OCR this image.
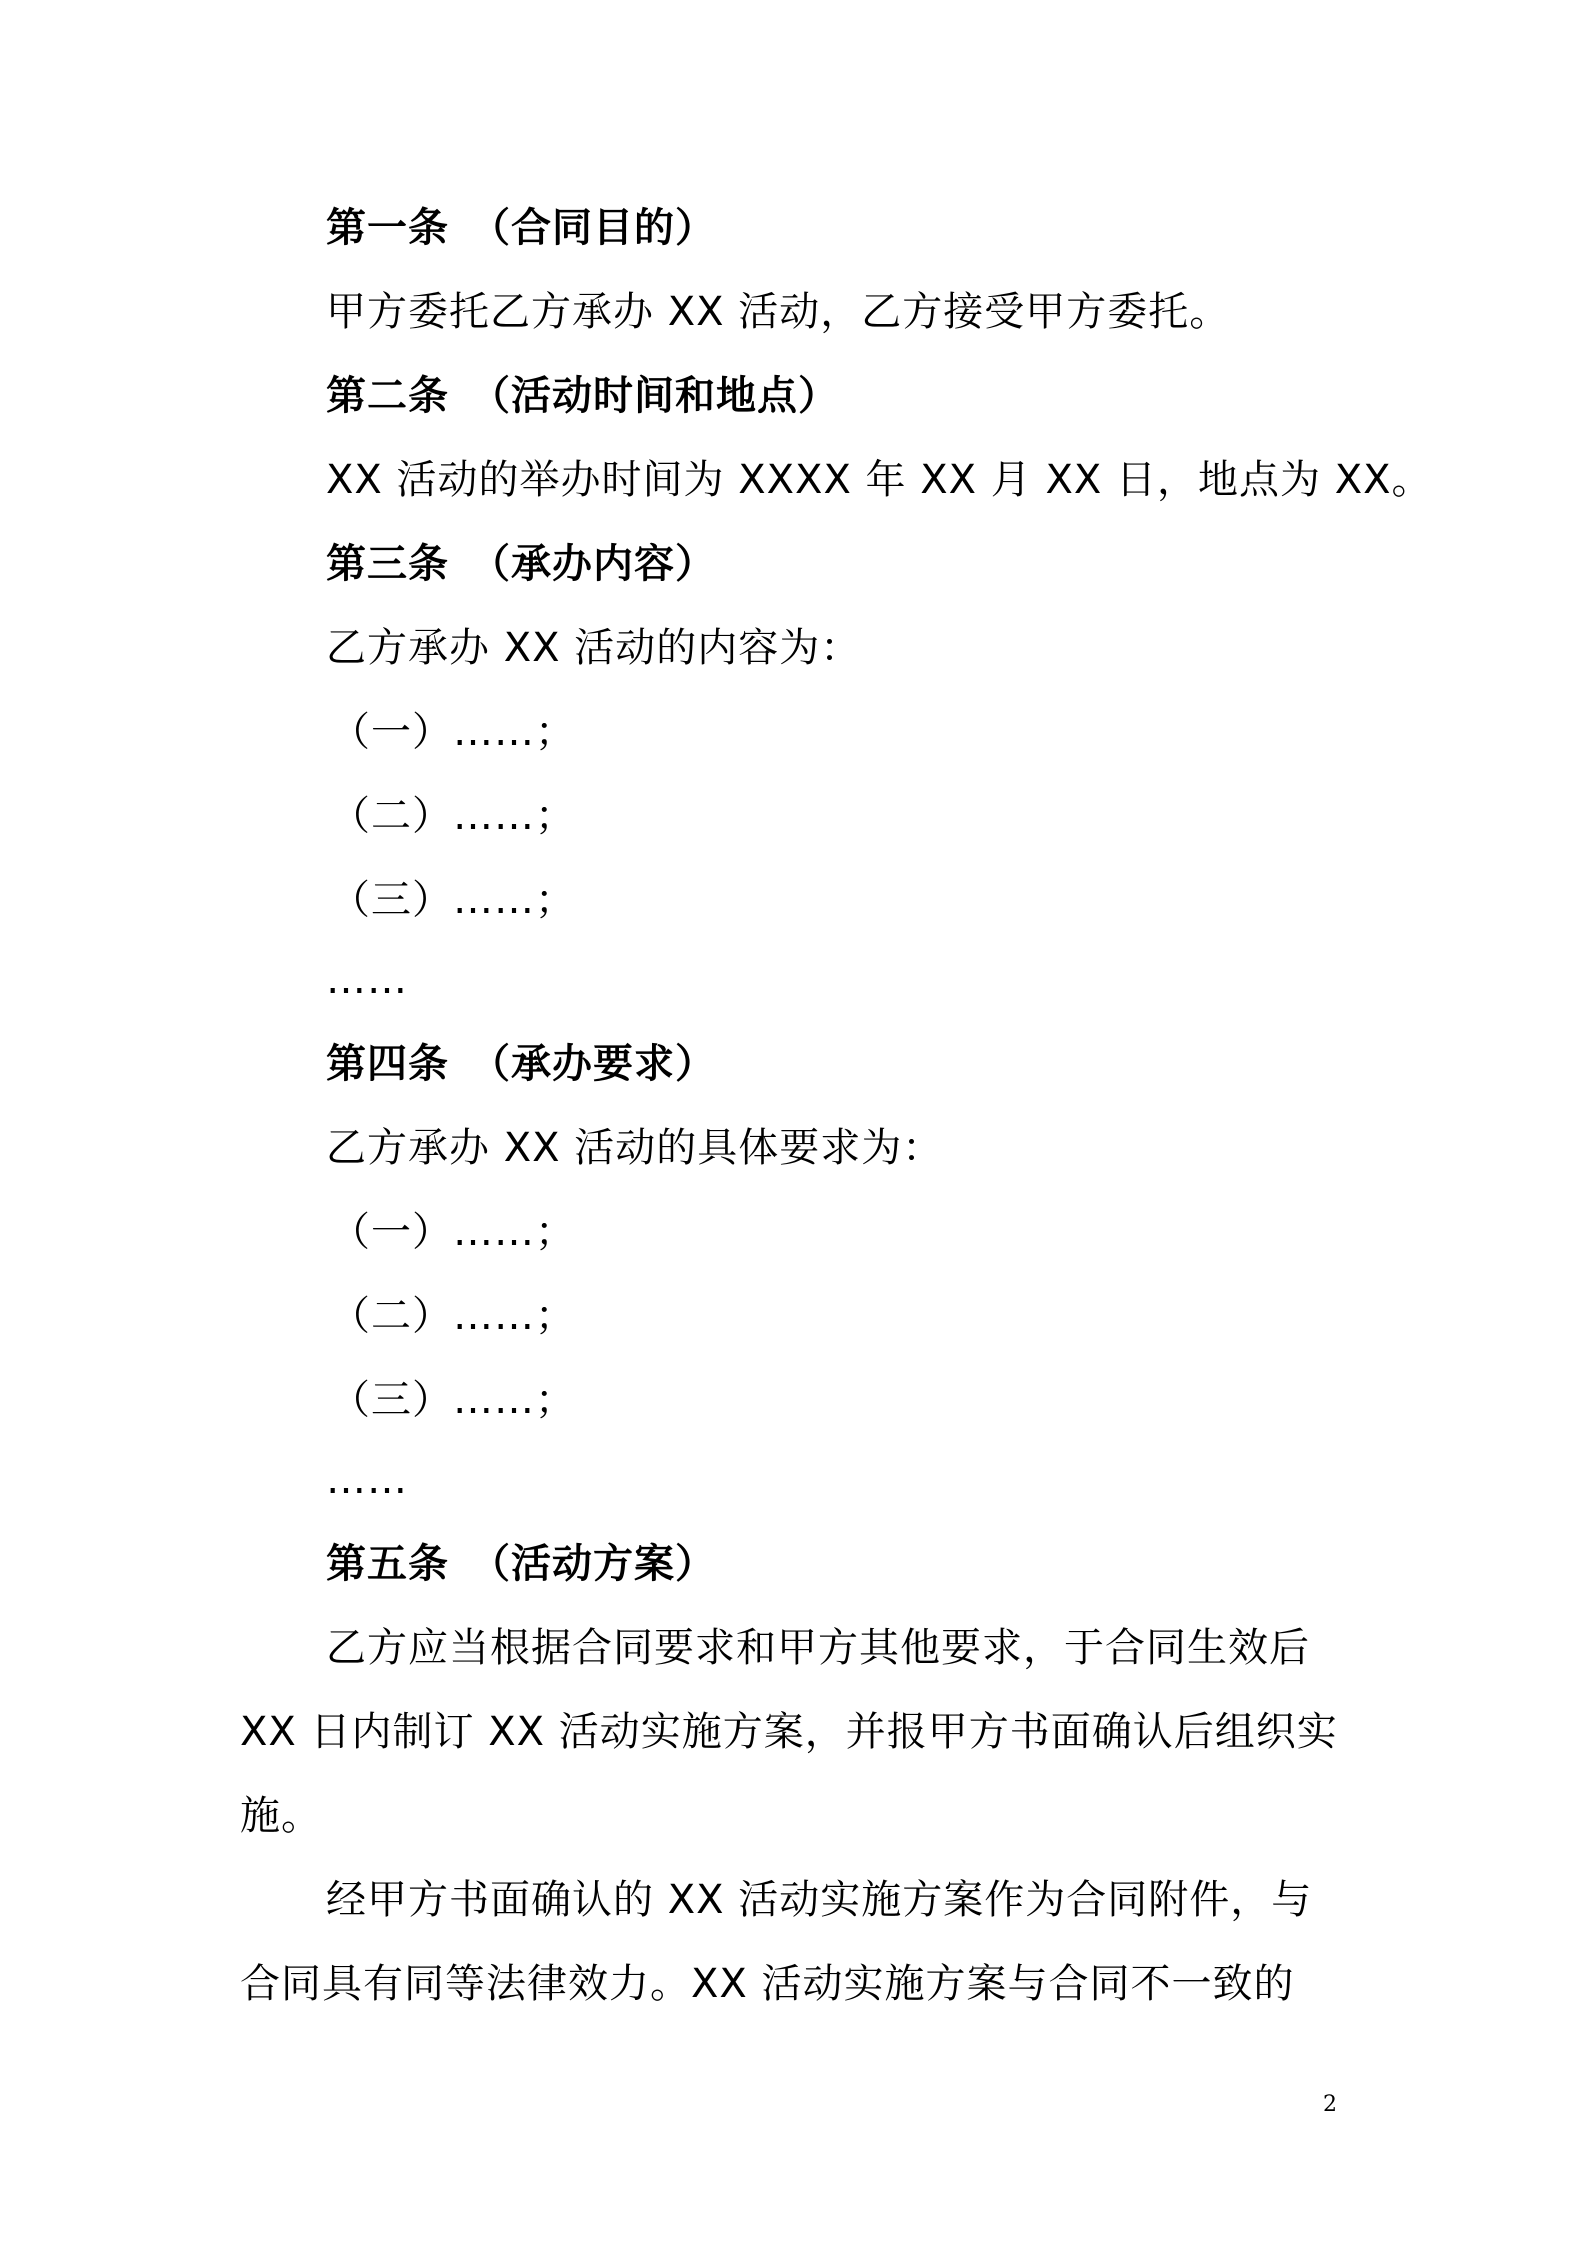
第一条　（合同目的）
甲方委托乙方承办 XX 活动，乙方接受甲方委托。
第二条　（活动时间和地点）
XX 活动的举办时间为 XXXX 年 XX 月 XX 日，地点为 XX。
第三条　（承办内容）
乙方承办 XX 活动的内容为：
（一）……；
（二）……；
（三）……；
……
第四条　（承办要求）
乙方承办 XX 活动的具体要求为：
（一）……；
（二）……；
（三）……；
……
第五条　（活动方案）
乙方应当根据合同要求和甲方其他要求，于合同生效后
XX 日内制订 XX 活动实施方案，并报甲方书面确认后组织实
施。
经甲方书面确认的 XX 活动实施方案作为合同附件，与
合同具有同等法律效力。XX 活动实施方案与合同不一致的
2
